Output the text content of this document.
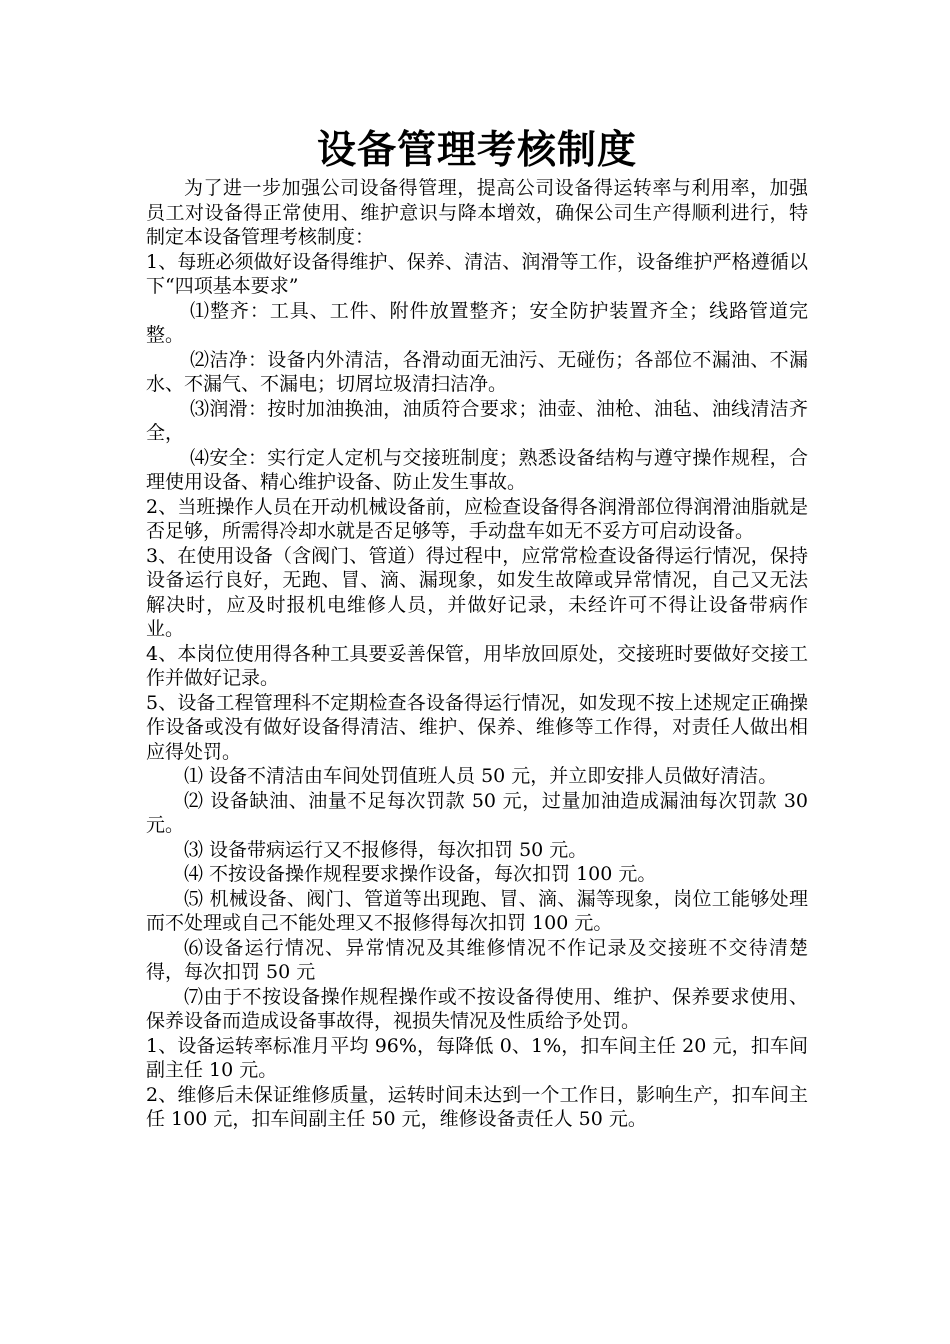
设备管理考核制度

为了进一步加强公司设备得管理，提高公司设备得运转率与利用率，加强员工对设备得正常使用、维护意识与降本增效，确保公司生产得顺利进行，特制定本设备管理考核制度：

1、每班必须做好设备得维护、保养、清洁、润滑等工作，设备维护严格遵循以下“四项基本要求”

⑴整齐：工具、工件、附件放置整齐；安全防护装置齐全；线路管道完整。

⑵洁净：设备内外清洁，各滑动面无油污、无碰伤；各部位不漏油、不漏水、不漏气、不漏电；切屑垃圾清扫洁净。

⑶润滑：按时加油换油，油质符合要求；油壶、油枪、油毡、油线清洁齐全，

⑷安全：实行定人定机与交接班制度；熟悉设备结构与遵守操作规程，合理使用设备、精心维护设备、防止发生事故。

2、当班操作人员在开动机械设备前，应检查设备得各润滑部位得润滑油脂就是否足够，所需得冷却水就是否足够等，手动盘车如无不妥方可启动设备。

3、在使用设备（含阀门、管道）得过程中，应常常检查设备得运行情况，保持设备运行良好，无跑、冒、滴、漏现象，如发生故障或异常情况，自己又无法解决时，应及时报机电维修人员，并做好记录，未经许可不得让设备带病作业。

4、本岗位使用得各种工具要妥善保管，用毕放回原处，交接班时要做好交接工作并做好记录。

5、设备工程管理科不定期检查各设备得运行情况，如发现不按上述规定正确操作设备或没有做好设备得清洁、维护、保养、维修等工作得，对责任人做出相应得处罚。

⑴ 设备不清洁由车间处罚值班人员 50 元，并立即安排人员做好清洁。

⑵ 设备缺油、油量不足每次罚款 50 元，过量加油造成漏油每次罚款 30 元。

⑶ 设备带病运行又不报修得，每次扣罚 50 元。

⑷ 不按设备操作规程要求操作设备，每次扣罚 100 元。

⑸ 机械设备、阀门、管道等出现跑、冒、滴、漏等现象，岗位工能够处理而不处理或自己不能处理又不报修得每次扣罚 100 元。

⑹设备运行情况、异常情况及其维修情况不作记录及交接班不交待清楚得，每次扣罚 50 元

⑺由于不按设备操作规程操作或不按设备得使用、维护、保养要求使用、保养设备而造成设备事故得，视损失情况及性质给予处罚。

1、设备运转率标准月平均 96%，每降低 0、1%，扣车间主任 20 元，扣车间副主任 10 元。

2、维修后未保证维修质量，运转时间未达到一个工作日，影响生产，扣车间主任 100 元，扣车间副主任 50 元，维修设备责任人 50 元。
